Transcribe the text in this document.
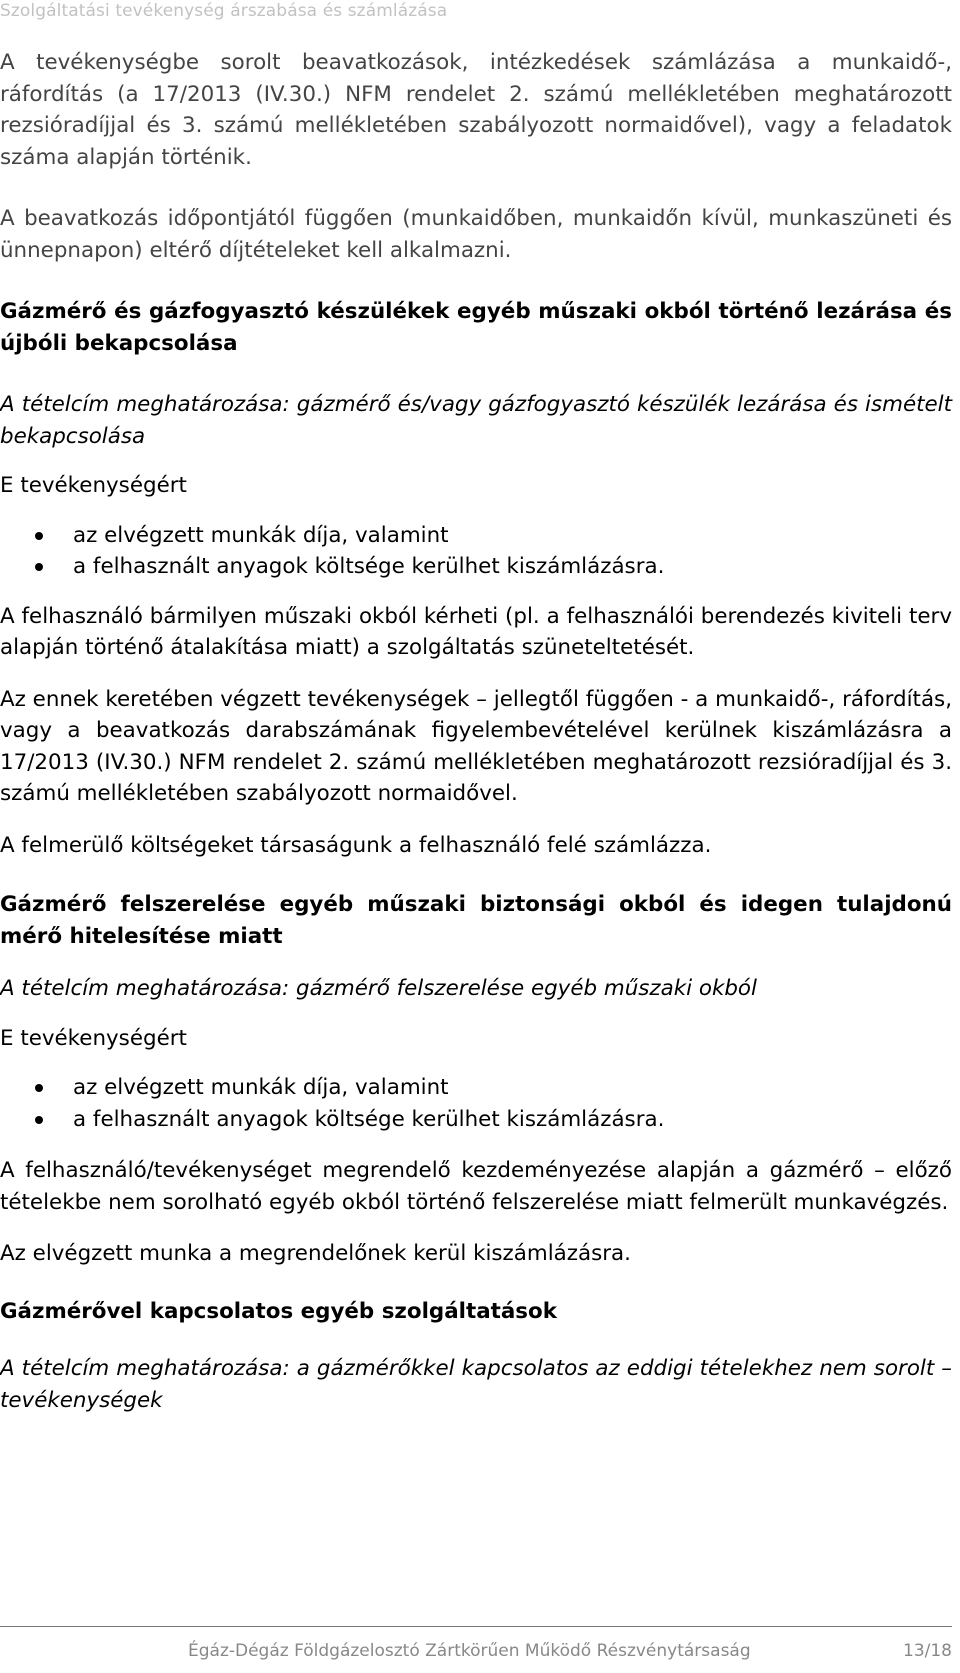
Szolgáltatási tevékenység árszabása és számlázása

A tevékenységbe sorolt beavatkozások, intézkedések számlázása a munkaidő-, ráfordítás (a 17/2013 (IV.30.) NFM rendelet 2. számú mellékletében meghatározott rezsióradíjjal és 3. számú mellékletében szabályozott normaidővel), vagy a feladatok száma alapján történik.

A beavatkozás időpontjától függően (munkaidőben, munkaidőn kívül, munkaszüneti és ünnepnapon) eltérő díjtételeket kell alkalmazni.

Gázmérő és gázfogyasztó készülékek egyéb műszaki okból történő lezárása és újbóli bekapcsolása

A tételcím meghatározása: gázmérő és/vagy gázfogyasztó készülék lezárása és ismételt bekapcsolása

E tevékenységért

az elvégzett munkák díja, valamint
a felhasznált anyagok költsége kerülhet kiszámlázásra.

A felhasználó bármilyen műszaki okból kérheti (pl. a felhasználói berendezés kiviteli terv alapján történő átalakítása miatt) a szolgáltatás szüneteltetését.

Az ennek keretében végzett tevékenységek – jellegtől függően - a munkaidő-, ráfordítás, vagy a beavatkozás darabszámának figyelembevételével kerülnek kiszámlázásra a 17/2013 (IV.30.) NFM rendelet 2. számú mellékletében meghatározott rezsióradíjjal és 3. számú mellékletében szabályozott normaidővel.

A felmerülő költségeket társaságunk a felhasználó felé számlázza.

Gázmérő felszerelése egyéb műszaki biztonsági okból és idegen tulajdonú mérő hitelesítése miatt

A tételcím meghatározása: gázmérő felszerelése egyéb műszaki okból

E tevékenységért

az elvégzett munkák díja, valamint
a felhasznált anyagok költsége kerülhet kiszámlázásra.

A felhasználó/tevékenységet megrendelő kezdeményezése alapján a gázmérő – előző tételekbe nem sorolható egyéb okból történő felszerelése miatt felmerült munkavégzés.

Az elvégzett munka a megrendelőnek kerül kiszámlázásra.

Gázmérővel kapcsolatos egyéb szolgáltatások

A tételcím meghatározása: a gázmérőkkel kapcsolatos az eddigi tételekhez nem sorolt – tevékenységek

Égáz-Dégáz Földgázelosztó Zártkörűen Működő Részvénytársaság	13/18
